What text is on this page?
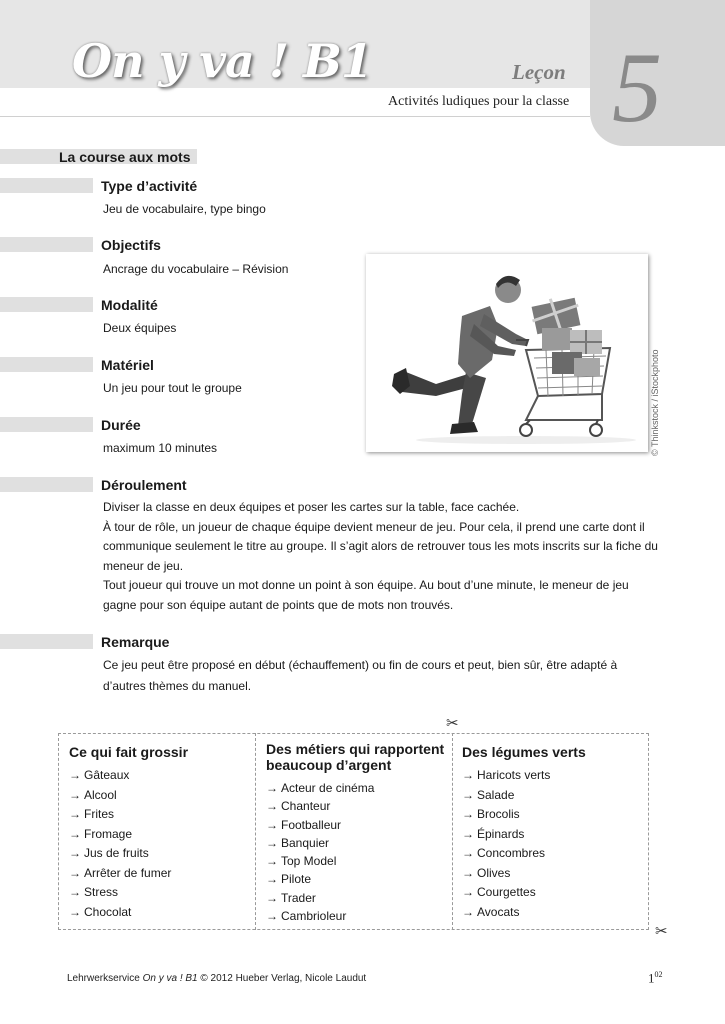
On y va ! B1	Leçon 5
Activités ludiques pour la classe
La course aux mots
Type d’activité
Jeu de vocabulaire, type bingo
Objectifs
Ancrage du vocabulaire – Révision
Modalité
Deux équipes
Matériel
Un jeu pour tout le groupe
Durée
maximum 10 minutes	© Thinkstock / iStockphoto
Déroulement
Diviser la classe en deux équipes et poser les cartes sur la table, face cachée.
À tour de rôle, un joueur de chaque équipe devient meneur de jeu. Pour cela, il prend une carte dont il communique seulement le titre au groupe. Il s’agit alors de retrouver tous les mots inscrits sur la fiche du meneur de jeu.
Tout joueur qui trouve un mot donne un point à son équipe. Au bout d’une minute, le meneur de jeu gagne pour son équipe autant de points que de mots non trouvés.
Remarque
Ce jeu peut être proposé en début (échauffement) ou fin de cours et peut, bien sûr, être adapté à d’autres thèmes du manuel.
✂
✂
Ce qui fait grossir
→ Gâteaux
→ Alcool
→ Frites
→ Fromage
→ Jus de fruits
→ Arrêter de fumer
→ Stress
→ Chocolat
Des métiers qui rapportent
beaucoup d’argent
→ Acteur de cinéma
→ Chanteur
→ Footballeur
→ Banquier
→ Top Model
→ Pilote
→ Trader
→ Cambrioleur
Des légumes verts
→ Haricots verts
→ Salade
→ Brocolis
→ Épinards
→ Concombres
→ Olives
→ Courgettes
→ Avocats
Lehrwerkservice On y va ! B1 © 2012 Hueber Verlag, Nicole Laudut	$1^{02}$
